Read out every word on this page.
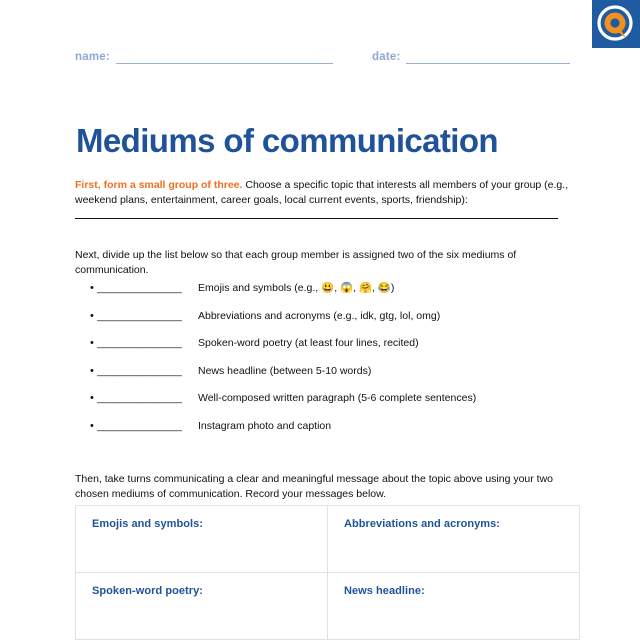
name:	date:
Mediums of communication

First, form a small group of three. Choose a specific topic that interests all members of your group (e.g., weekend plans, entertainment, career goals, local current events, sports, friendship):

Next, divide up the list below so that each group member is assigned two of the six mediums of communication.

• _______________	Emojis and symbols (e.g., 😃, 😱, 🤗, 😂)
• _______________	Abbreviations and acronyms (e.g., idk, gtg, lol, omg)
• _______________	Spoken-word poetry (at least four lines, recited)
• _______________	News headline (between 5-10 words)
• _______________	Well-composed written paragraph (5-6 complete sentences)
• _______________	Instagram photo and caption

Then, take turns communicating a clear and meaningful message about the topic above using your two chosen mediums of communication. Record your messages below.

Emojis and symbols:	Abbreviations and acronyms:

Spoken-word poetry:	News headline:
